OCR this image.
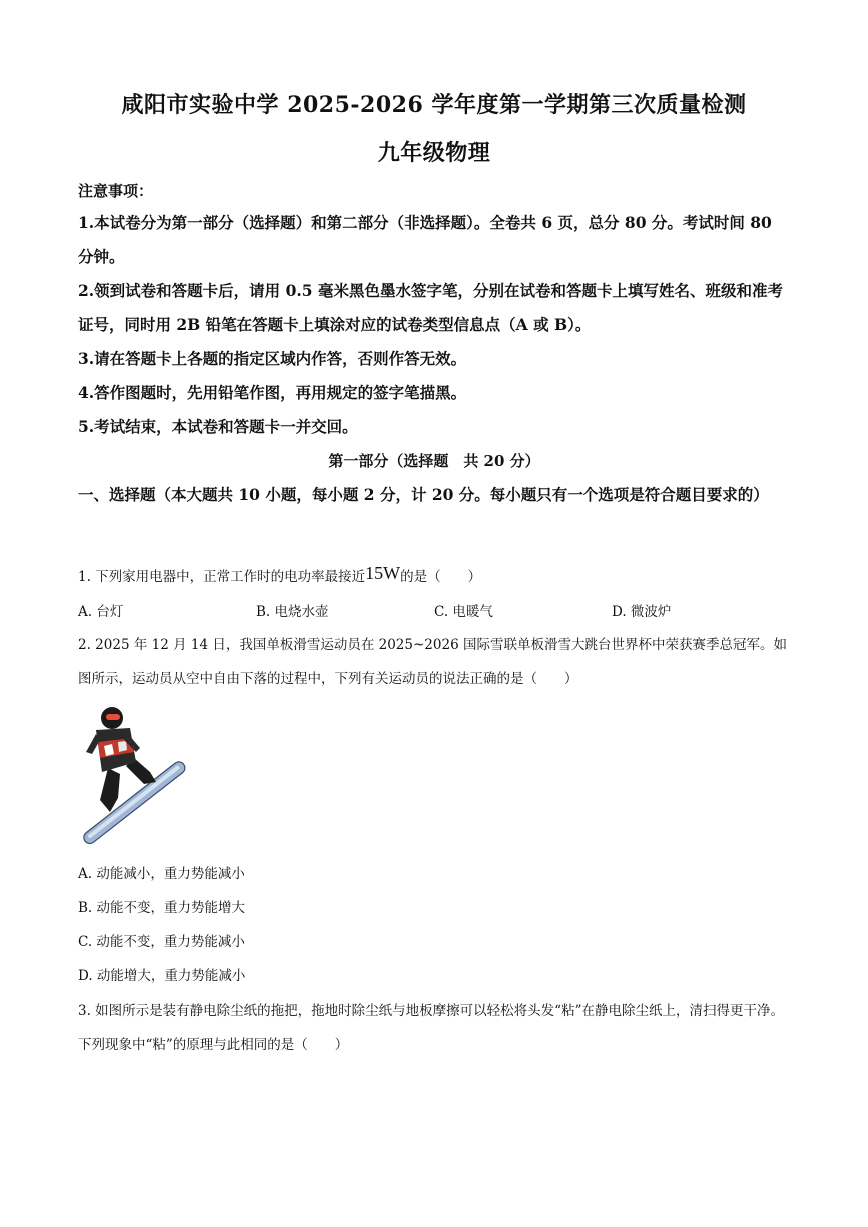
咸阳市实验中学 2025-2026 学年度第一学期第三次质量检测
九年级物理
注意事项：
1.本试卷分为第一部分（选择题）和第二部分（非选择题）。全卷共 6 页，总分 80 分。考试时间 80 分钟。
2.领到试卷和答题卡后，请用 0.5 毫米黑色墨水签字笔，分别在试卷和答题卡上填写姓名、班级和准考证号，同时用 2B 铅笔在答题卡上填涂对应的试卷类型信息点（A 或 B）。
3.请在答题卡上各题的指定区域内作答，否则作答无效。
4.答作图题时，先用铅笔作图，再用规定的签字笔描黑。
5.考试结束，本试卷和答题卡一并交回。
第一部分（选择题　共 20 分）
一、选择题（本大题共 10 小题，每小题 2 分，计 20 分。每小题只有一个选项是符合题目要求的）
1. 下列家用电器中，正常工作时的电功率最接近15W的是（　　）
A. 台灯	B. 电烧水壶	C. 电暖气	D. 微波炉
2. 2025 年 12 月 14 日，我国单板滑雪运动员在 2025~2026 国际雪联单板滑雪大跳台世界杯中荣获赛季总冠军。如图所示，运动员从空中自由下落的过程中，下列有关运动员的说法正确的是（　　）
A. 动能减小，重力势能减小
B. 动能不变，重力势能增大
C. 动能不变，重力势能减小
D. 动能增大，重力势能减小
3. 如图所示是装有静电除尘纸的拖把，拖地时除尘纸与地板摩擦可以轻松将头发“粘”在静电除尘纸上，清扫得更干净。下列现象中“粘”的原理与此相同的是（　　）
